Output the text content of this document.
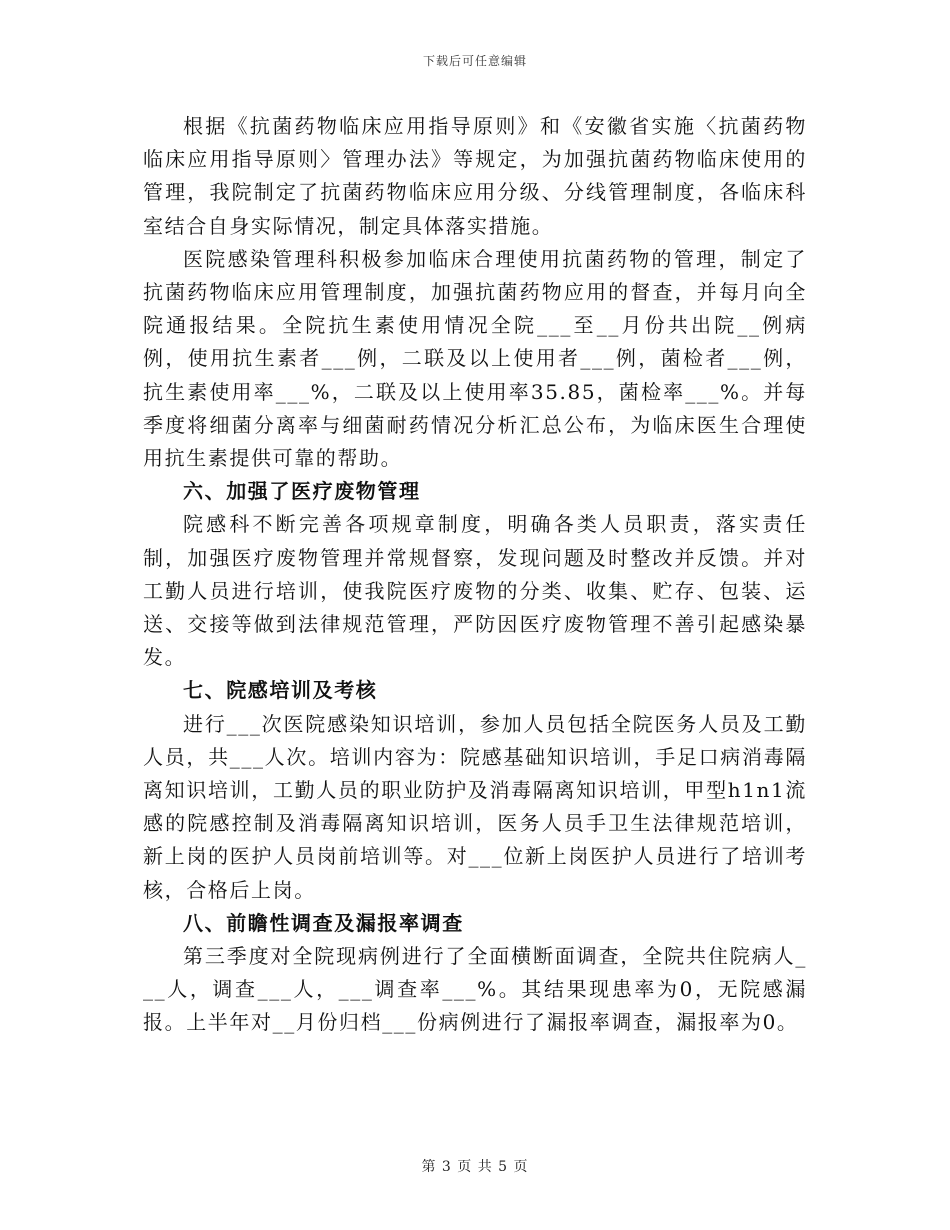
下载后可任意编辑

根据《抗菌药物临床应用指导原则》和《安徽省实施〈抗菌药物临床应用指导原则〉管理办法》等规定，为加强抗菌药物临床使用的管理，我院制定了抗菌药物临床应用分级、分线管理制度，各临床科室结合自身实际情况，制定具体落实措施。

医院感染管理科积极参加临床合理使用抗菌药物的管理，制定了抗菌药物临床应用管理制度，加强抗菌药物应用的督查，并每月向全院通报结果。全院抗生素使用情况全院___至__月份共出院__例病例，使用抗生素者___例，二联及以上使用者___例，菌检者___例，抗生素使用率___%，二联及以上使用率35.85，菌检率___%。并每季度将细菌分离率与细菌耐药情况分析汇总公布，为临床医生合理使用抗生素提供可靠的帮助。

六、加强了医疗废物管理

院感科不断完善各项规章制度，明确各类人员职责，落实责任制，加强医疗废物管理并常规督察，发现问题及时整改并反馈。并对工勤人员进行培训，使我院医疗废物的分类、收集、贮存、包装、运送、交接等做到法律规范管理，严防因医疗废物管理不善引起感染暴发。

七、院感培训及考核

进行___次医院感染知识培训，参加人员包括全院医务人员及工勤人员，共___人次。培训内容为：院感基础知识培训，手足口病消毒隔离知识培训，工勤人员的职业防护及消毒隔离知识培训，甲型h1n1流感的院感控制及消毒隔离知识培训，医务人员手卫生法律规范培训，新上岗的医护人员岗前培训等。对___位新上岗医护人员进行了培训考核，合格后上岗。

八、前瞻性调查及漏报率调查

第三季度对全院现病例进行了全面横断面调查，全院共住院病人___人，调查___人，___调查率___%。其结果现患率为0，无院感漏报。上半年对__月份归档___份病例进行了漏报率调查，漏报率为0。

第 3 页 共 5 页
